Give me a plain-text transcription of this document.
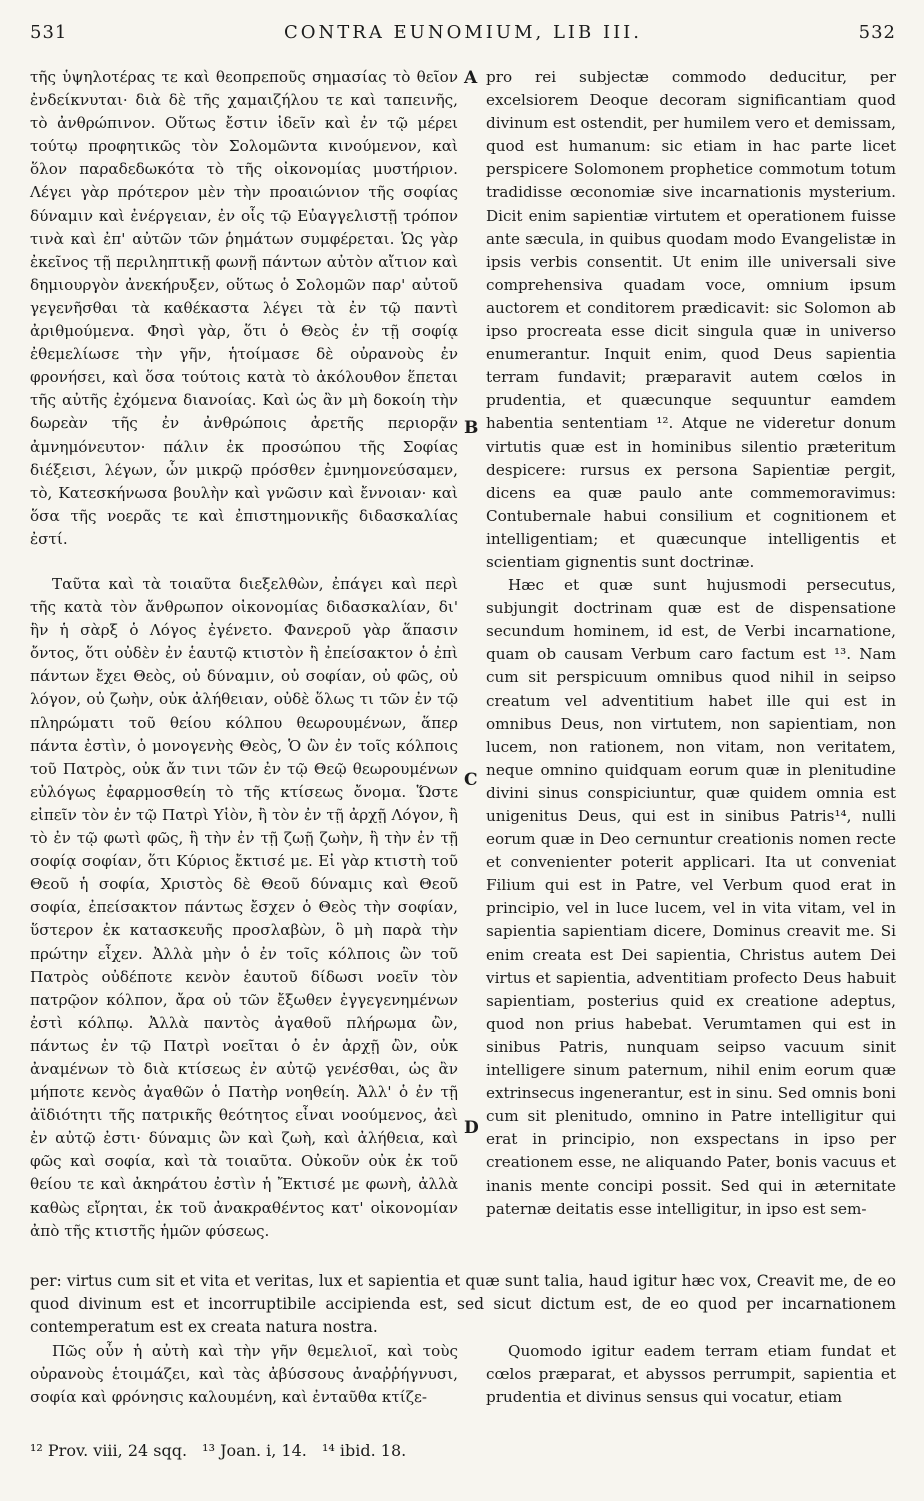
531	CONTRA EUNOMIUM, LIB III.	532

τῆς ὑψηλοτέρας τε καὶ θεοπρεποῦς σημασίας τὸ θεῖον ἐνδείκνυται· διὰ δὲ τῆς χαμαιζήλου τε καὶ ταπεινῆς, τὸ ἀνθρώπινον. Οὕτως ἔστιν ἰδεῖν καὶ ἐν τῷ μέρει τούτῳ προφητικῶς τὸν Σολομῶντα κινούμενον, καὶ ὅλον παραδεδωκότα τὸ τῆς οἰκονομίας μυστήριον. Λέγει γὰρ πρότερον μὲν τὴν προαιώνιον τῆς σοφίας δύναμιν καὶ ἐνέργειαν, ἐν οἷς τῷ Εὐαγγελιστῇ τρόπον τινὰ καὶ ἐπ' αὐτῶν τῶν ῥημάτων συμφέρεται. Ὡς γὰρ ἐκεῖνος τῇ περιληπτικῇ φωνῇ πάντων αὐτὸν αἴτιον καὶ δημιουργὸν ἀνεκήρυξεν, οὕτως ὁ Σολομῶν παρ' αὐτοῦ γεγενῆσθαι τὰ καθέκαστα λέγει τὰ ἐν τῷ παντὶ ἀριθμούμενα. Φησὶ γὰρ, ὅτι ὁ Θεὸς ἐν τῇ σοφίᾳ ἐθεμελίωσε τὴν γῆν, ἡτοίμασε δὲ οὐρανοὺς ἐν φρονήσει, καὶ ὅσα τούτοις κατὰ τὸ ἀκόλουθον ἕπεται τῆς αὐτῆς ἐχόμενα διανοίας. Καὶ ὡς ἂν μὴ δοκοίη τὴν δωρεὰν τῆς ἐν ἀνθρώποις ἀρετῆς περιορᾷν ἀμνημόνευτον· πάλιν ἐκ προσώπου τῆς Σοφίας διέξεισι, λέγων, ὧν μικρῷ πρόσθεν ἐμνημονεύσαμεν, τὸ, Κατεσκήνωσα βουλὴν καὶ γνῶσιν καὶ ἔννοιαν· καὶ ὅσα τῆς νοερᾶς τε καὶ ἐπιστημονικῆς διδασκαλίας ἐστί.

pro rei subjectæ commodo deducitur, per excelsiorem Deoque decoram significantiam quod divinum est ostendit, per humilem vero et demissam, quod est humanum: sic etiam in hac parte licet perspicere Solomonem prophetice commotum totum tradidisse œconomiæ sive incarnationis mysterium. Dicit enim sapientiæ virtutem et operationem fuisse ante sæcula, in quibus quodam modo Evangelistæ in ipsis verbis consentit. Ut enim ille universali sive comprehensiva quadam voce, omnium ipsum auctorem et conditorem prædicavit: sic Solomon ab ipso procreata esse dicit singula quæ in universo enumerantur. Inquit enim, quod Deus sapientia terram fundavit; præparavit autem cœlos in prudentia, et quæcunque sequuntur eamdem habentia sententiam ¹². Atque ne videretur donum virtutis quæ est in hominibus silentio præteritum despicere: rursus ex persona Sapientiæ pergit, dicens ea quæ paulo ante commemoravimus: Contubernale habui consilium et cognitionem et intelligentiam; et quæcunque intelligentis et scientiam gignentis sunt doctrinæ.

Hæc et quæ sunt hujusmodi persecutus, subjungit doctrinam quæ est de dispensatione secundum hominem, id est, de Verbi incarnatione, quam ob causam Verbum caro factum est ¹³. Nam cum sit perspicuum omnibus quod nihil in seipso creatum vel adventitium habet ille qui est in omnibus Deus, non virtutem, non sapientiam, non lucem, non rationem, non vitam, non veritatem, neque omnino quidquam eorum quæ in plenitudine divini sinus conspiciuntur, quæ quidem omnia est unigenitus Deus, qui est in sinibus Patris¹⁴, nulli eorum quæ in Deo cernuntur creationis nomen recte et convenienter poterit applicari. Ita ut conveniat Filium qui est in Patre, vel Verbum quod erat in principio, vel in luce lucem, vel in vita vitam, vel in sapientia sapientiam dicere, Dominus creavit me. Si enim creata est Dei sapientia, Christus autem Dei virtus et sapientia, adventitiam profecto Deus habuit sapientiam, posterius quid ex creatione adeptus, quod non prius habebat. Verumtamen qui est in sinibus Patris, nunquam seipso vacuum sinit intelligere sinum paternum, nihil enim eorum quæ extrinsecus ingenerantur, est in sinu. Sed omnis boni cum sit plenitudo, omnino in Patre intelligitur qui erat in principio, non exspectans in ipso per creationem esse, ne aliquando Pater, bonis vacuus et inanis mente concipi possit. Sed qui in æternitate paternæ deitatis esse intelligitur, in ipso est sem-

Ταῦτα καὶ τὰ τοιαῦτα διεξελθὼν, ἐπάγει καὶ περὶ τῆς κατὰ τὸν ἄνθρωπον οἰκονομίας διδασκαλίαν, δι' ἣν ἡ σὰρξ ὁ Λόγος ἐγένετο. Φανεροῦ γὰρ ἅπασιν ὄντος, ὅτι οὐδὲν ἐν ἑαυτῷ κτιστὸν ἢ ἐπείσακτον ὁ ἐπὶ πάντων ἔχει Θεὸς, οὐ δύναμιν, οὐ σοφίαν, οὐ φῶς, οὐ λόγον, οὐ ζωὴν, οὐκ ἀλήθειαν, οὐδὲ ὅλως τι τῶν ἐν τῷ πληρώματι τοῦ θείου κόλπου θεωρουμένων, ἅπερ πάντα ἐστὶν, ὁ μονογενὴς Θεὸς, Ὁ ὢν ἐν τοῖς κόλποις τοῦ Πατρὸς, οὐκ ἄν τινι τῶν ἐν τῷ Θεῷ θεωρουμένων εὐλόγως ἐφαρμοσθείη τὸ τῆς κτίσεως ὄνομα. Ὥστε εἰπεῖν τὸν ἐν τῷ Πατρὶ Υἱὸν, ἢ τὸν ἐν τῇ ἀρχῇ Λόγον, ἢ τὸ ἐν τῷ φωτὶ φῶς, ἢ τὴν ἐν τῇ ζωῇ ζωὴν, ἢ τὴν ἐν τῇ σοφίᾳ σοφίαν, ὅτι Κύριος ἔκτισέ με. Εἰ γὰρ κτιστὴ τοῦ Θεοῦ ἡ σοφία, Χριστὸς δὲ Θεοῦ δύναμις καὶ Θεοῦ σοφία, ἐπείσακτον πάντως ἔσχεν ὁ Θεὸς τὴν σοφίαν, ὕστερον ἐκ κατασκευῆς προσλαβὼν, ὃ μὴ παρὰ τὴν πρώτην εἶχεν. Ἀλλὰ μὴν ὁ ἐν τοῖς κόλποις ὢν τοῦ Πατρὸς οὐδέποτε κενὸν ἑαυτοῦ δίδωσι νοεῖν τὸν πατρῷον κόλπον, ἄρα οὐ τῶν ἔξωθεν ἐγγεγενημένων ἐστὶ κόλπῳ. Ἀλλὰ παντὸς ἀγαθοῦ πλήρωμα ὢν, πάντως ἐν τῷ Πατρὶ νοεῖται ὁ ἐν ἀρχῇ ὢν, οὐκ ἀναμένων τὸ διὰ κτίσεως ἐν αὐτῷ γενέσθαι, ὡς ἂν μήποτε κενὸς ἀγαθῶν ὁ Πατὴρ νοηθείη. Ἀλλ' ὁ ἐν τῇ ἀϊδιότητι τῆς πατρικῆς θεότητος εἶναι νοούμενος, ἀεὶ ἐν αὐτῷ ἐστι· δύναμις ὢν καὶ ζωὴ, καὶ ἀλήθεια, καὶ φῶς καὶ σοφία, καὶ τὰ τοιαῦτα. Οὐκοῦν οὐκ ἐκ τοῦ θείου τε καὶ ἀκηράτου ἐστὶν ἡ Ἔκτισέ με φωνὴ, ἀλλὰ καθὼς εἴρηται, ἐκ τοῦ ἀνακραθέντος κατ' οἰκονομίαν ἀπὸ τῆς κτιστῆς ἡμῶν φύσεως.

per: virtus cum sit et vita et veritas, lux et sapientia et quæ sunt talia, haud igitur hæc vox, Creavit me, de eo quod divinum est et incorruptibile accipienda est, sed sicut dictum est, de eo quod per incarnationem contemperatum est ex creata natura nostra.

Πῶς οὖν ἡ αὐτὴ καὶ τὴν γῆν θεμελιοῖ, καὶ τοὺς οὐρανοὺς ἑτοιμάζει, καὶ τὰς ἀβύσσους ἀναῤῥήγνυσι, σοφία καὶ φρόνησις καλουμένη, καὶ ἐνταῦθα κτίζε-

Quomodo igitur eadem terram etiam fundat et cœlos præparat, et abyssos perrumpit, sapientia et prudentia et divinus sensus qui vocatur, etiam

A
B
C
D
¹² Prov. viii, 24 sqq. ¹³ Joan. i, 14. ¹⁴ ibid. 18.
